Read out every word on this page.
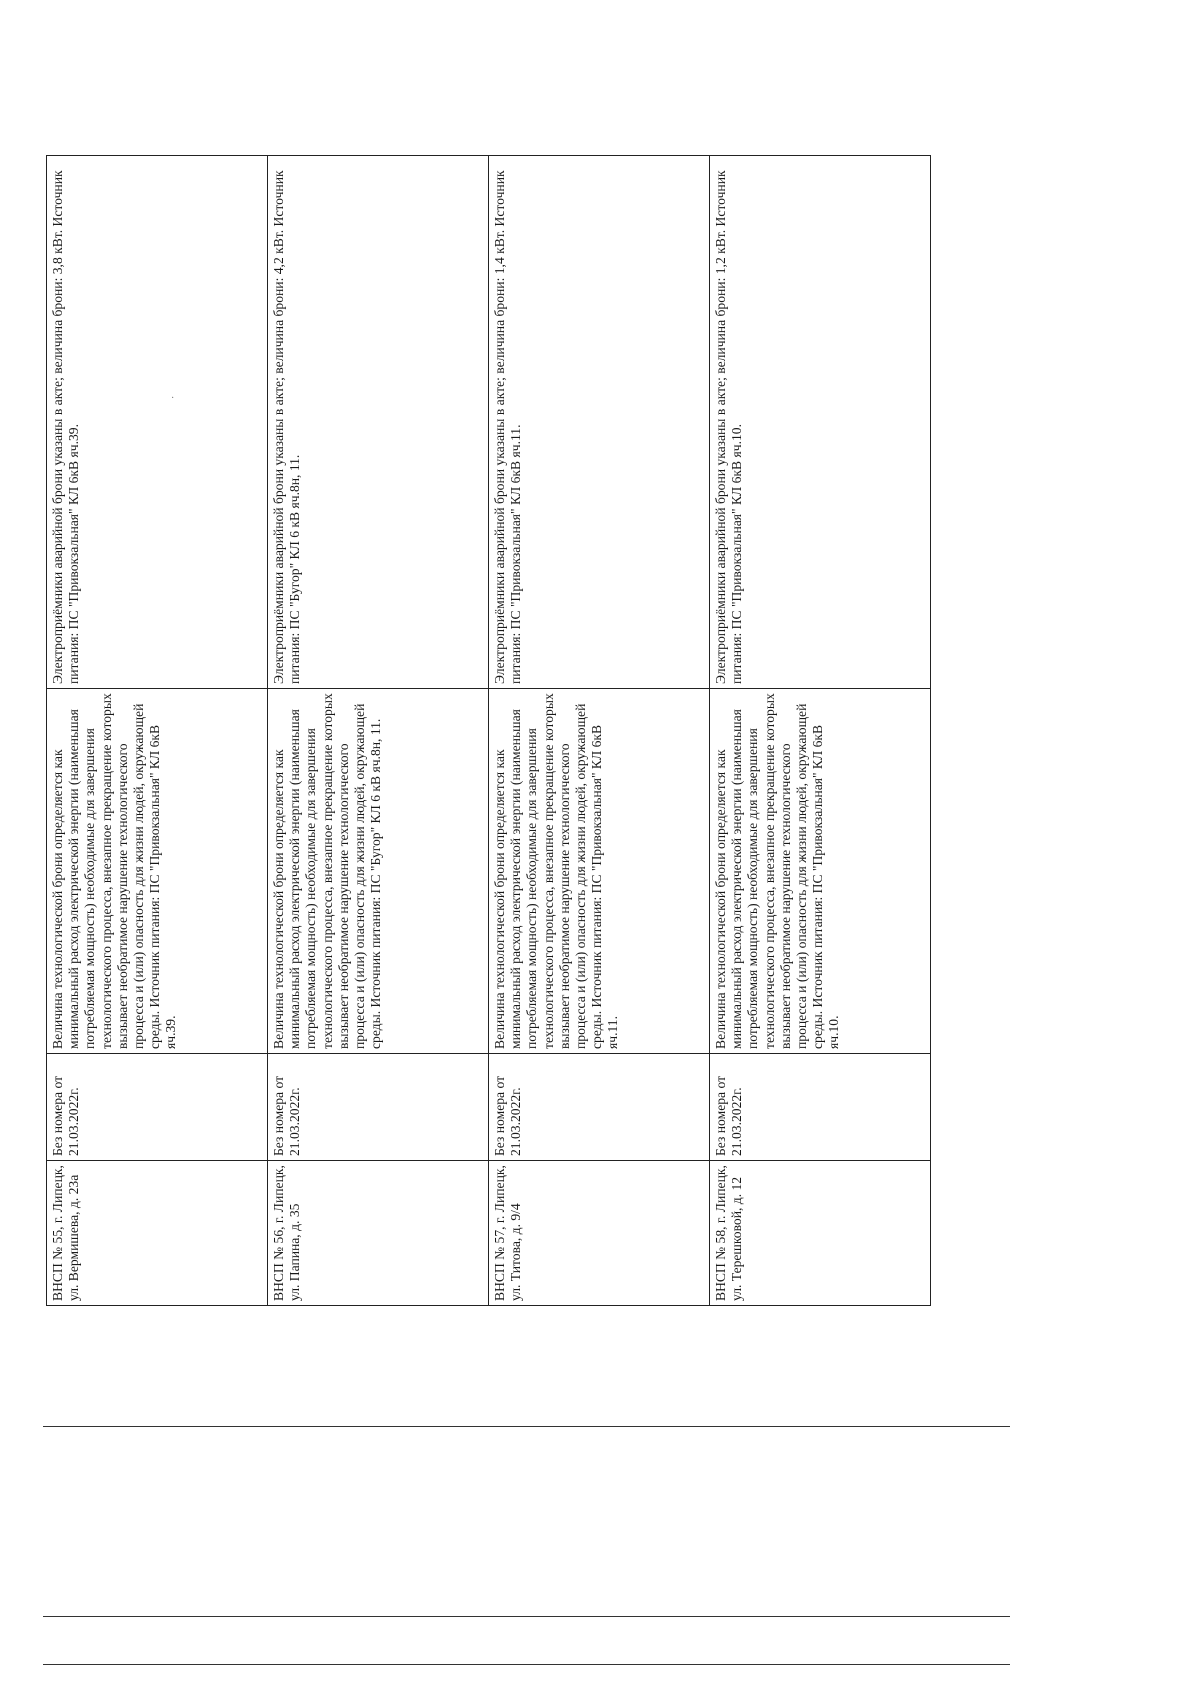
ВНСП № 55, г. Липецк, ул. Вермишева, д. 23а	Без номера от 21.03.2022г.	Величина технологической брони определяется как минимальный расход электрической энергии (наименьшая потребляемая мощность) необходимые для завершения технологического процесса, внезапное прекращение которых вызывает необратимое нарушение технологического процесса и (или) опасность для жизни людей, окружающей среды. Источник питания: ПС "Привокзальная" КЛ 6кВ яч.39.	Электроприёмники аварийной брони указаны в акте; величина брони: 3,8 кВт. Источник питания: ПС "Привокзальная" КЛ 6кВ яч.39.
ВНСП № 56, г. Липецк, ул. Папина, д. 35	Без номера от 21.03.2022г.	Величина технологической брони определяется как минимальный расход электрической энергии (наименьшая потребляемая мощность) необходимые для завершения технологического процесса, внезапное прекращение которых вызывает необратимое нарушение технологического процесса и (или) опасность для жизни людей, окружающей среды. Источник питания: ПС "Бугор" КЛ 6 кВ яч.8н, 11.	Электроприёмники аварийной брони указаны в акте; величина брони: 4,2 кВт. Источник питания: ПС "Бугор" КЛ 6 кВ яч.8н, 11.
ВНСП № 57, г. Липецк, ул. Титова, д. 9/4	Без номера от 21.03.2022г.	Величина технологической брони определяется как минимальный расход электрической энергии (наименьшая потребляемая мощность) необходимые для завершения технологического процесса, внезапное прекращение которых вызывает необратимое нарушение технологического процесса и (или) опасность для жизни людей, окружающей среды. Источник питания: ПС "Привокзальная" КЛ 6кВ яч.11.	Электроприёмники аварийной брони указаны в акте; величина брони: 1,4 кВт. Источник питания: ПС "Привокзальная" КЛ 6кВ яч.11.
ВНСП № 58, г. Липецк, ул. Терешковой, д. 12	Без номера от 21.03.2022г.	Величина технологической брони определяется как минимальный расход электрической энергии (наименьшая потребляемая мощность) необходимые для завершения технологического процесса, внезапное прекращение которых вызывает необратимое нарушение технологического процесса и (или) опасность для жизни людей, окружающей среды. Источник питания: ПС "Привокзальная" КЛ 6кВ яч.10.	Электроприёмники аварийной брони указаны в акте; величина брони: 1,2 кВт. Источник питания: ПС "Привокзальная" КЛ 6кВ яч.10.
·
